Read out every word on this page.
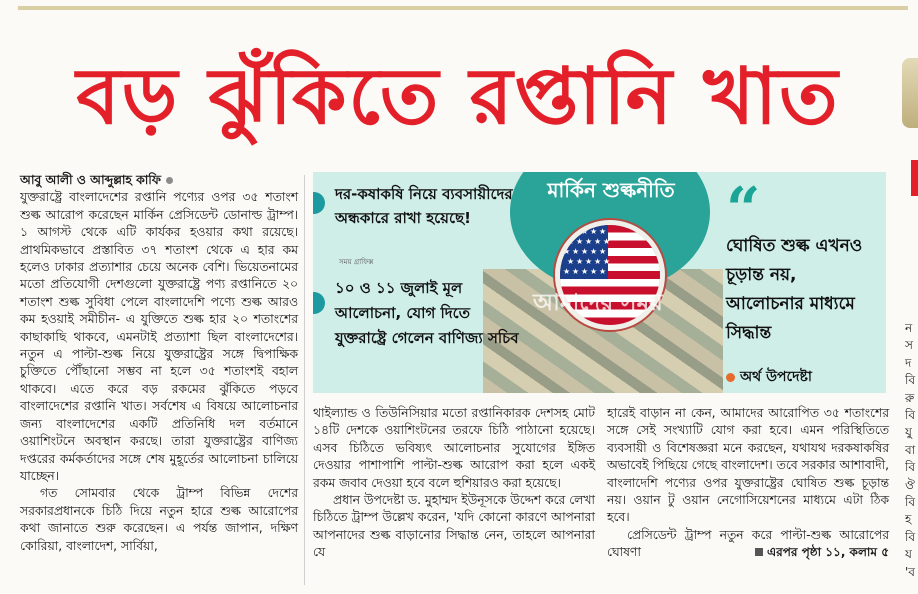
বড় ঝুঁকিতে রপ্তানি খাত
আবু আলী ও আব্দুল্লাহ কাফি

যুক্তরাষ্ট্রে বাংলাদেশের রপ্তানি পণ্যের ওপর ৩৫ শতাংশ শুল্ক আরোপ করেছেন মার্কিন প্রেসিডেন্ট ডোনাল্ড ট্রাম্প। ১ আগস্ট থেকে এটি কার্যকর হওয়ার কথা রয়েছে। প্রাথমিকভাবে প্রস্তাবিত ৩৭ শতাংশ থেকে এ হার কম হলেও ঢাকার প্রত্যাশার চেয়ে অনেক বেশি। ভিয়েতনামের মতো প্রতিযোগী দেশগুলো যুক্তরাষ্ট্রে পণ্য রপ্তানিতে ২০ শতাংশ শুল্ক সুবিধা পেলে বাংলাদেশি পণ্যে শুল্ক আরও কম হওয়াই সমীচীন- এ যুক্তিতে শুল্ক হার ২০ শতাংশের কাছাকাছি থাকবে, এমনটাই প্রত্যাশা ছিল বাংলাদেশের। নতুন এ পাল্টা-শুল্ক নিয়ে যুক্তরাষ্ট্রের সঙ্গে দ্বিপাক্ষিক চুক্তিতে পৌঁছানো সম্ভব না হলে ৩৫ শতাংশই বহাল থাকবে। এতে করে বড় রকমের ঝুঁকিতে পড়বে বাংলাদেশের রপ্তানি খাত। সর্বশেষ এ বিষয়ে আলোচনার জন্য বাংলাদেশের একটি প্রতিনিধি দল বর্তমানে ওয়াশিংটনে অবস্থান করছে। তারা যুক্তরাষ্ট্রের বাণিজ্য দপ্তরের কর্মকর্তাদের সঙ্গে শেষ মুহূর্তের আলোচনা চালিয়ে যাচ্ছেন।

গত সোমবার থেকে ট্রাম্প বিভিন্ন দেশের সরকারপ্রধানকে চিঠি দিয়ে নতুন হারে শুল্ক আরোপের কথা জানাতে শুরু করেছেন। এ পর্যন্ত জাপান, দক্ষিণ কোরিয়া, বাংলাদেশ, সার্বিয়া,

মার্কিন শুল্কনীতি
★ ★ ★ ★ ★
★ ★ ★ ★ ★
★ ★ ★ ★ ★
★ ★ ★ ★ ★
★ ★ ★ ★ ★
আমাদের সময়
দর-কষাকষি নিয়ে ব্যবসায়ীদের অন্ধকারে রাখা হয়েছে!
১০ ও ১১ জুলাই মূল আলোচনা, যোগ দিতে যুক্তরাষ্ট্রে গেলেন বাণিজ্য সচিব
সময় গ্রাফিক্স
“
ঘোষিত শুল্ক এখনও চূড়ান্ত নয়, আলোচনার মাধ্যমে সিদ্ধান্ত
অর্থ উপদেষ্টা

থাইল্যান্ড ও তিউনিসিয়ার মতো রপ্তানিকারক দেশসহ মোট ১৪টি দেশকে ওয়াশিংটনের তরফে চিঠি পাঠানো হয়েছে। এসব চিঠিতে ভবিষ্যৎ আলোচনার সুযোগের ইঙ্গিত দেওয়ার পাশাপাশি পাল্টা-শুল্ক আরোপ করা হলে একই রকম জবাব দেওয়া হবে বলে হুশিয়ারও করা হয়েছে।

প্রধান উপদেষ্টা ড. মুহাম্মদ ইউনূসকে উদ্দেশ করে লেখা চিঠিতে ট্রাম্প উল্লেখ করেন, 'যদি কোনো কারণে আপনারা আপনাদের শুল্ক বাড়ানোর সিদ্ধান্ত নেন, তাহলে আপনারা যে

হারেই বাড়ান না কেন, আমাদের আরোপিত ৩৫ শতাংশের সঙ্গে সেই সংখ্যাটি যোগ করা হবে। এমন পরিস্থিতিতে ব্যবসায়ী ও বিশেষজ্ঞরা মনে করছেন, যথাযথ দরকষাকষির অভাবেই পিছিয়ে গেছে বাংলাদেশ। তবে সরকার আশাবাদী, বাংলাদেশি পণ্যের ওপর যুক্তরাষ্ট্রের ঘোষিত শুল্ক চূড়ান্ত নয়। ওয়ান টু ওয়ান নেগোসিয়েশনের মাধ্যমে এটা ঠিক হবে।

প্রেসিডেন্ট ট্রাম্প নতুন করে পাল্টা-শুল্ক আরোপের ঘোষণা	এরপর পৃষ্ঠা ১১, কলাম ৫

ন
স
দ
বি
রু
বি
যু
বা
বি
ঔ
বি
হ
বি
য
'ব
